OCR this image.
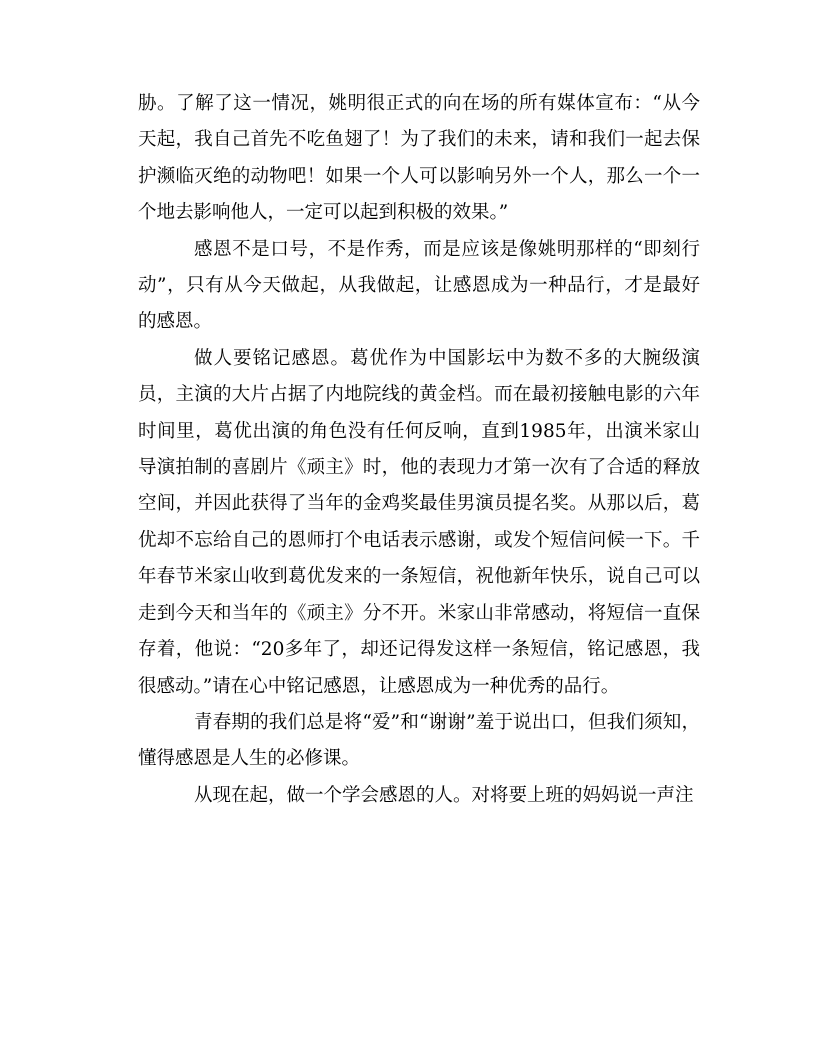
胁。了解了这一情况，姚明很正式的向在场的所有媒体宣布：“从今天起，我自己首先不吃鱼翅了！为了我们的未来，请和我们一起去保护濒临灭绝的动物吧！如果一个人可以影响另外一个人，那么一个一个地去影响他人，一定可以起到积极的效果。”

感恩不是口号，不是作秀，而是应该是像姚明那样的“即刻行动”，只有从今天做起，从我做起，让感恩成为一种品行，才是最好的感恩。

做人要铭记感恩。葛优作为中国影坛中为数不多的大腕级演员，主演的大片占据了内地院线的黄金档。而在最初接触电影的六年时间里，葛优出演的角色没有任何反响，直到1985年，出演米家山导演拍制的喜剧片《顽主》时，他的表现力才第一次有了合适的释放空间，并因此获得了当年的金鸡奖最佳男演员提名奖。从那以后，葛优却不忘给自己的恩师打个电话表示感谢，或发个短信问候一下。千年春节米家山收到葛优发来的一条短信，祝他新年快乐，说自己可以走到今天和当年的《顽主》分不开。米家山非常感动，将短信一直保存着，他说：“20多年了，却还记得发这样一条短信，铭记感恩，我很感动。”请在心中铭记感恩，让感恩成为一种优秀的品行。

青春期的我们总是将“爱”和“谢谢”羞于说出口，但我们须知，懂得感恩是人生的必修课。

从现在起，做一个学会感恩的人。对将要上班的妈妈说一声注
